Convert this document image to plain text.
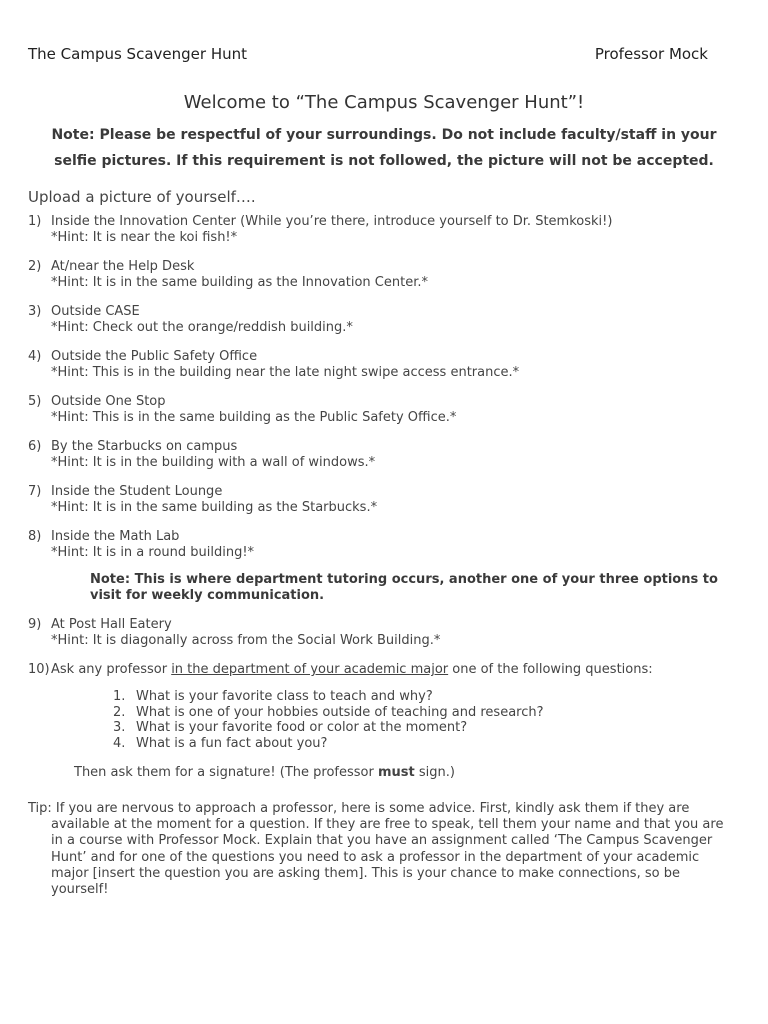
The Campus Scavenger Hunt	Professor Mock
Welcome to “The Campus Scavenger Hunt”!
Note: Please be respectful of your surroundings. Do not include faculty/staff in your selfie pictures. If this requirement is not followed, the picture will not be accepted.
Upload a picture of yourself….
1) Inside the Innovation Center (While you’re there, introduce yourself to Dr. Stemkoski!)
*Hint: It is near the koi fish!*
2) At/near the Help Desk
*Hint: It is in the same building as the Innovation Center.*
3) Outside CASE
*Hint: Check out the orange/reddish building.*
4) Outside the Public Safety Office
*Hint: This is in the building near the late night swipe access entrance.*
5) Outside One Stop
*Hint: This is in the same building as the Public Safety Office.*
6) By the Starbucks on campus
*Hint: It is in the building with a wall of windows.*
7) Inside the Student Lounge
*Hint: It is in the same building as the Starbucks.*
8) Inside the Math Lab
*Hint: It is in a round building!*
Note: This is where department tutoring occurs, another one of your three options to visit for weekly communication.
9) At Post Hall Eatery
*Hint: It is diagonally across from the Social Work Building.*
10) Ask any professor in the department of your academic major one of the following questions:
1. What is your favorite class to teach and why?
2. What is one of your hobbies outside of teaching and research?
3. What is your favorite food or color at the moment?
4. What is a fun fact about you?
Then ask them for a signature! (The professor must sign.)
Tip: If you are nervous to approach a professor, here is some advice. First, kindly ask them if they are available at the moment for a question. If they are free to speak, tell them your name and that you are in a course with Professor Mock. Explain that you have an assignment called ‘The Campus Scavenger Hunt’ and for one of the questions you need to ask a professor in the department of your academic major [insert the question you are asking them]. This is your chance to make connections, so be yourself!
